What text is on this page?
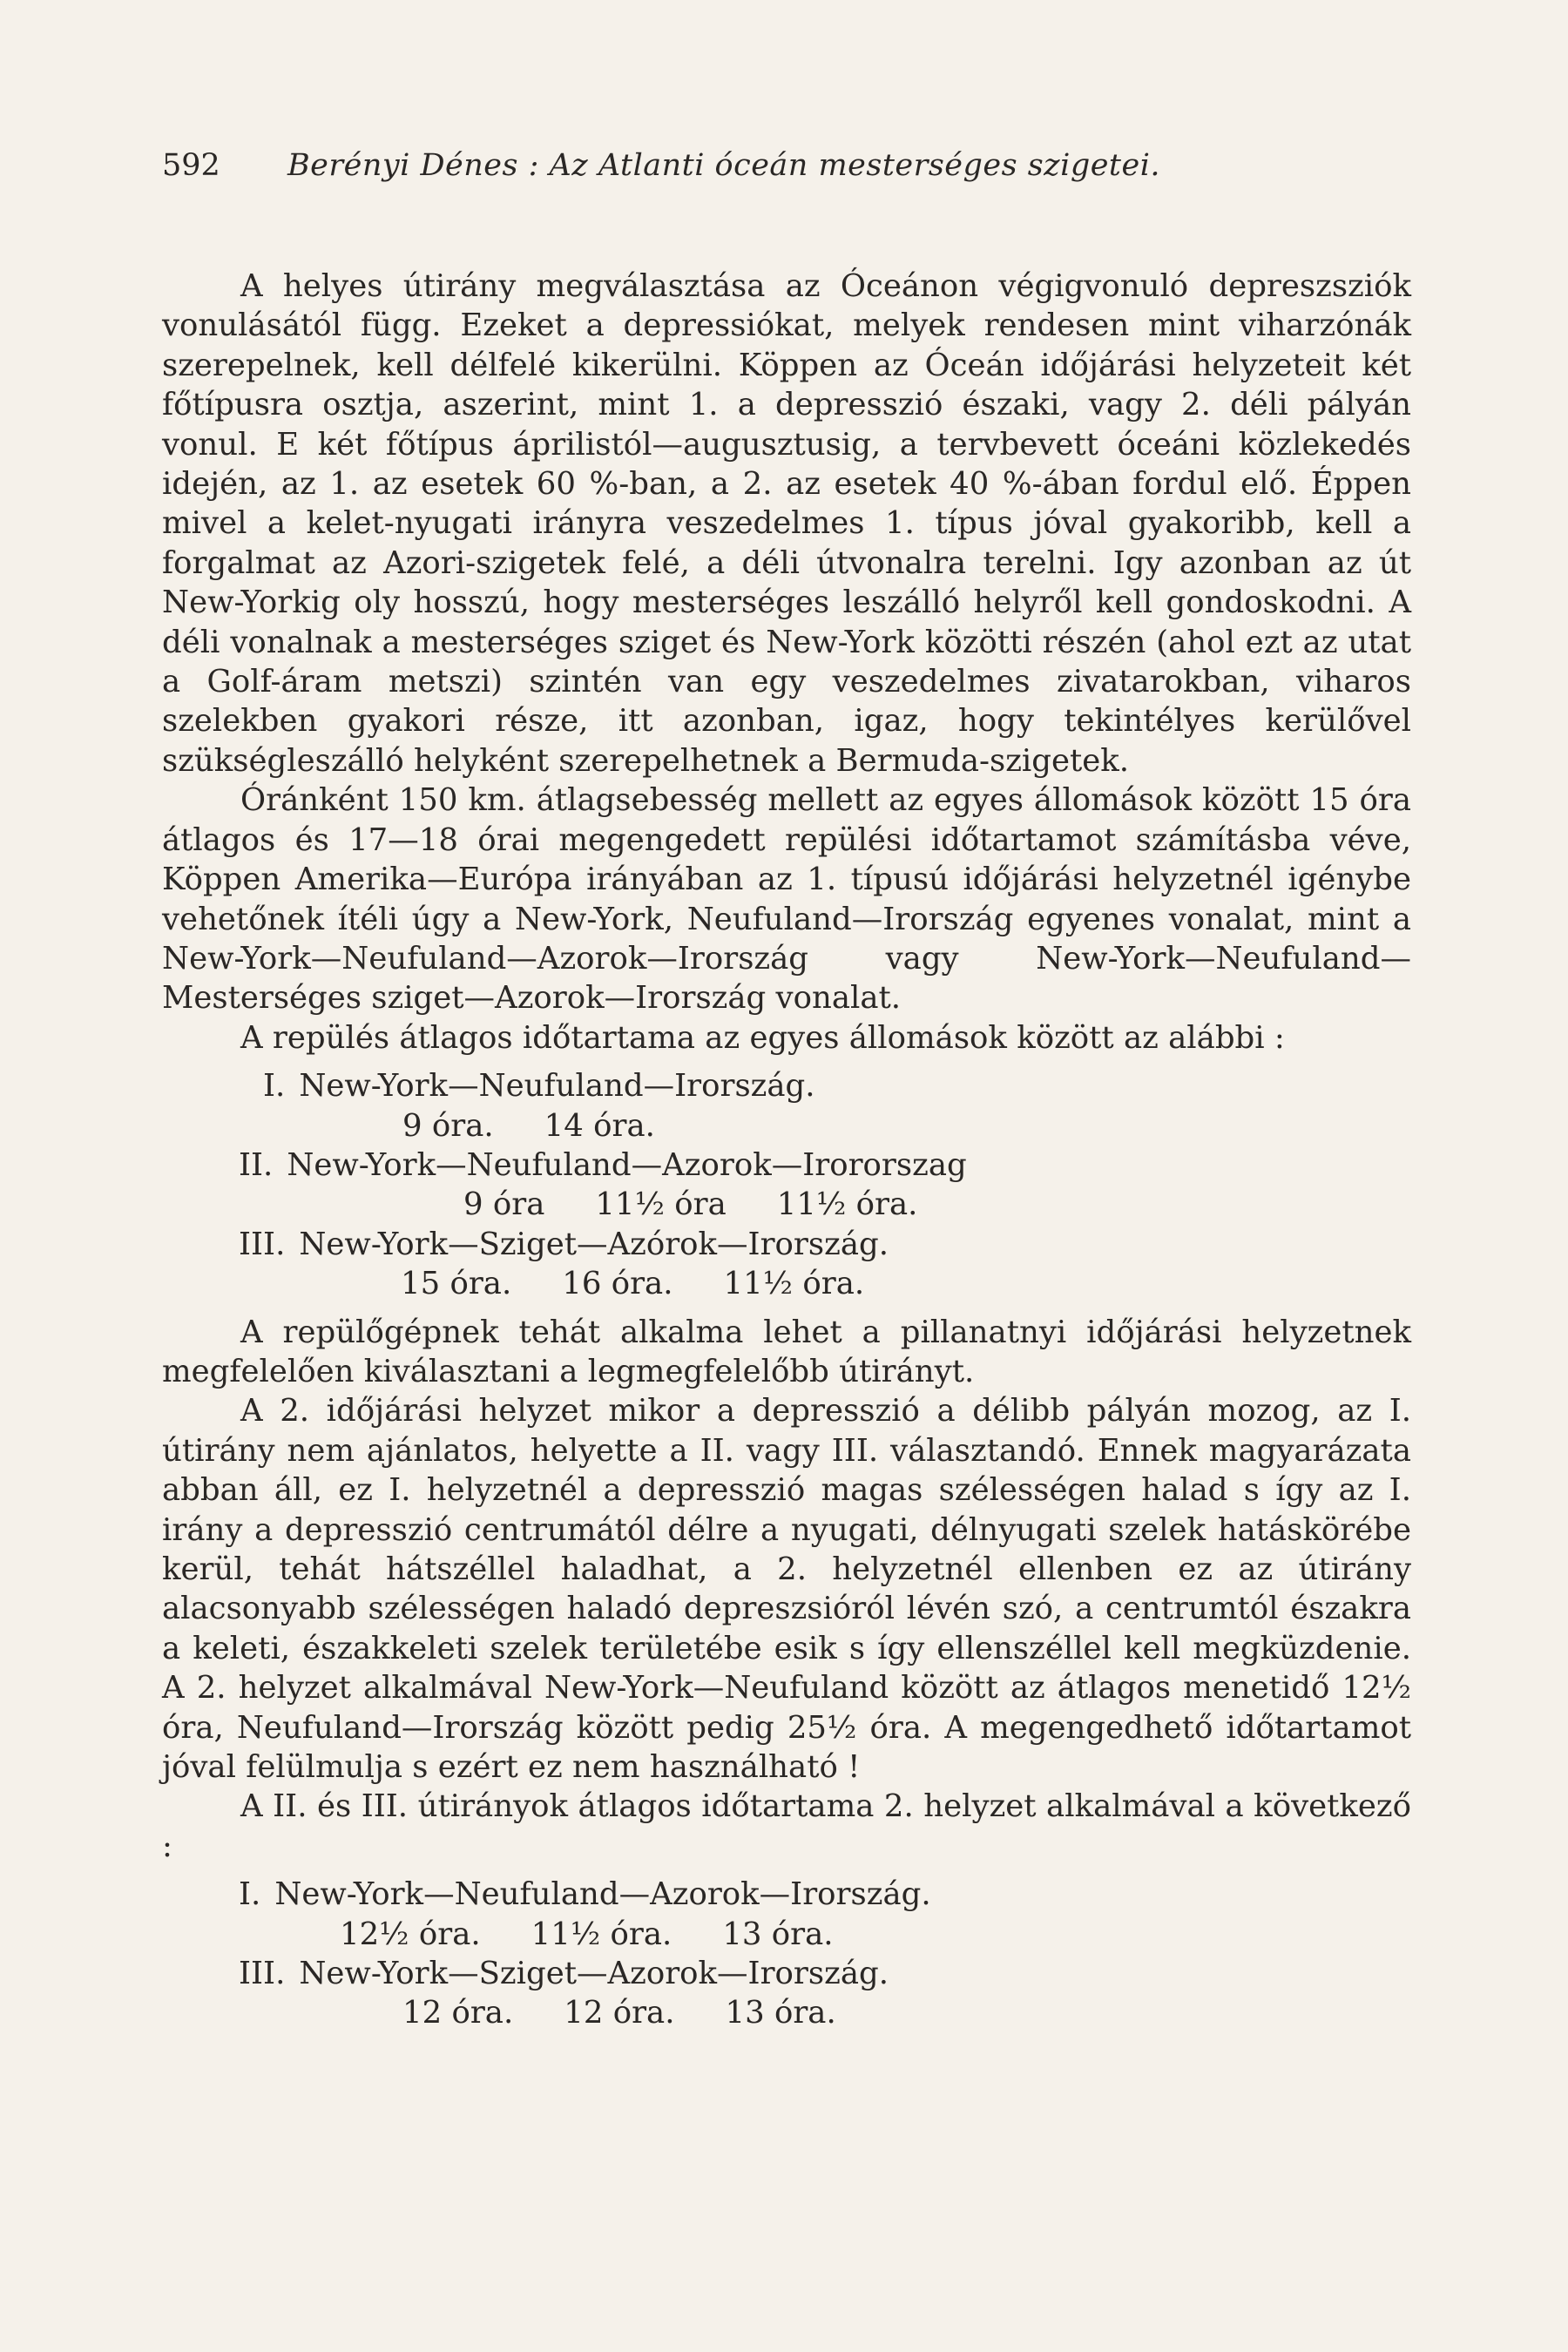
592 Berényi Dénes : Az Atlanti óceán mesterséges szigetei.

A helyes útirány megválasztása az Óceánon végigvonuló depreszsziók vonulásától függ. Ezeket a depressiókat, melyek rendesen mint viharzónák szerepelnek, kell délfelé kikerülni. Köppen az Óceán időjárási helyzeteit két főtípusra osztja, aszerint, mint 1. a depresszió északi, vagy 2. déli pályán vonul. E két főtípus áprilistól—augusztusig, a tervbevett óceáni közlekedés idején, az 1. az esetek 60 %-ban, a 2. az esetek 40 %-ában fordul elő. Éppen mivel a kelet-nyugati irányra veszedelmes 1. típus jóval gyakoribb, kell a forgalmat az Azori-szigetek felé, a déli útvonalra terelni. Igy azonban az út New-Yorkig oly hosszú, hogy mesterséges leszálló helyről kell gondoskodni. A déli vonalnak a mesterséges sziget és New-York közötti részén (ahol ezt az utat a Golf-áram metszi) szintén van egy veszedelmes zivatarokban, viharos szelekben gyakori része, itt azonban, igaz, hogy tekintélyes kerülővel szükségleszálló helyként szerepelhetnek a Bermuda-szigetek.

Óránként 150 km. átlagsebesség mellett az egyes állomások között 15 óra átlagos és 17—18 órai megengedett repülési időtartamot számításba véve, Köppen Amerika—Európa irányában az 1. típusú időjárási helyzetnél igénybe vehetőnek ítéli úgy a New-York, Neufuland—Irország egyenes vonalat, mint a New-York—Neufuland—Azorok—Irország vagy New-York—Neufuland—Mesterséges sziget—Azorok—Irország vonalat.

A repülés átlagos időtartama az egyes állomások között az alábbi :

I. New-York—Neufuland—Irország.
9 óra. 14 óra.
II. New-York—Neufuland—Azorok—Irororszag
9 óra 11½ óra 11½ óra.
III. New-York—Sziget—Azórok—Irország.
15 óra. 16 óra. 11½ óra.

A repülőgépnek tehát alkalma lehet a pillanatnyi időjárási helyzetnek megfelelően kiválasztani a legmegfelelőbb útirányt.

A 2. időjárási helyzet mikor a depresszió a délibb pályán mozog, az I. útirány nem ajánlatos, helyette a II. vagy III. választandó. Ennek magyarázata abban áll, ez I. helyzetnél a depresszió magas szélességen halad s így az I. irány a depresszió centrumától délre a nyugati, délnyugati szelek hatáskörébe kerül, tehát hátszéllel haladhat, a 2. helyzetnél ellenben ez az útirány alacsonyabb szélességen haladó depreszsióról lévén szó, a centrumtól északra a keleti, északkeleti szelek területébe esik s így ellenszéllel kell megküzdenie. A 2. helyzet alkalmával New-York—Neufuland között az átlagos menetidő 12½ óra, Neufuland—Irország között pedig 25½ óra. A megengedhető időtartamot jóval felülmulja s ezért ez nem használható !

A II. és III. útirányok átlagos időtartama 2. helyzet alkalmával a következő :

I. New-York—Neufuland—Azorok—Irország.
12½ óra. 11½ óra. 13 óra.
III. New-York—Sziget—Azorok—Irország.
12 óra. 12 óra. 13 óra.
